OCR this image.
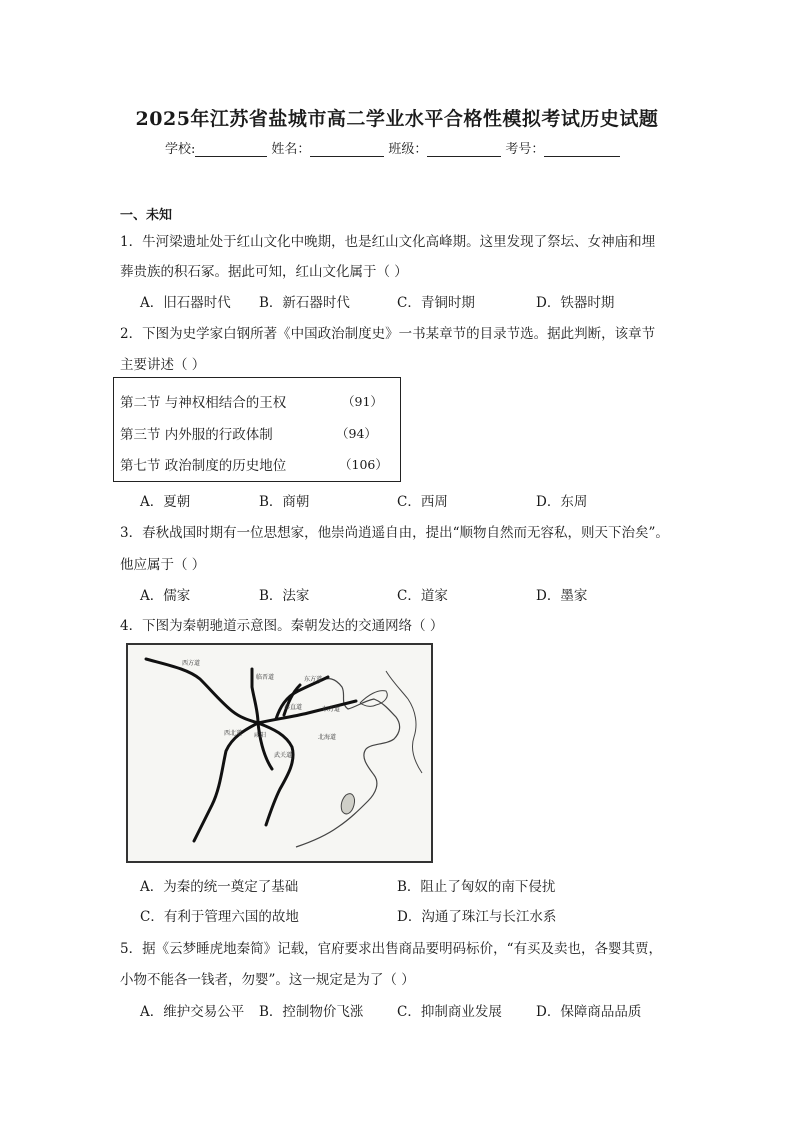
2025年江苏省盐城市高二学业水平合格性模拟考试历史试题
学校:	姓名：	班级：	考号：
一、未知
1．牛河梁遗址处于红山文化中晚期，也是红山文化高峰期。这里发现了祭坛、女神庙和埋
葬贵族的积石冢。据此可知，红山文化属于（ ）
A．旧石器时代 B．新石器时代	C．青铜时期	D．铁器时期
2．下图为史学家白钢所著《中国政治制度史》一书某章节的目录节选。据此判断，该章节
主要讲述（ ）
第二节 与神权相结合的王权	（91）
第三节 内外服的行政体制	（94）
第七节 政治制度的历史地位	（106）
A．夏朝	B．商朝	C．西周	D．东周
3．春秋战国时期有一位思想家，他崇尚逍遥自由，提出“顺物自然而无容私，则天下治矣”。
他应属于（ ）
A．儒家	B．法家	C．道家	D．墨家
4．下图为秦朝驰道示意图。秦朝发达的交通网络（ ）
西方道
临晋道	东方道
东方道
秦直道
咸阳	北海道
西北道
武关道
A．为秦的统一奠定了基础	B．阻止了匈奴的南下侵扰
C．有利于管理六国的故地	D．沟通了珠江与长江水系
5．据《云梦睡虎地秦简》记载，官府要求出售商品要明码标价，“有买及卖也，各婴其贾，
小物不能各一钱者，勿婴”。这一规定是为了（ ）
A．维护交易公平 B．控制物价飞涨 C．抑制商业发展	D．保障商品品质
